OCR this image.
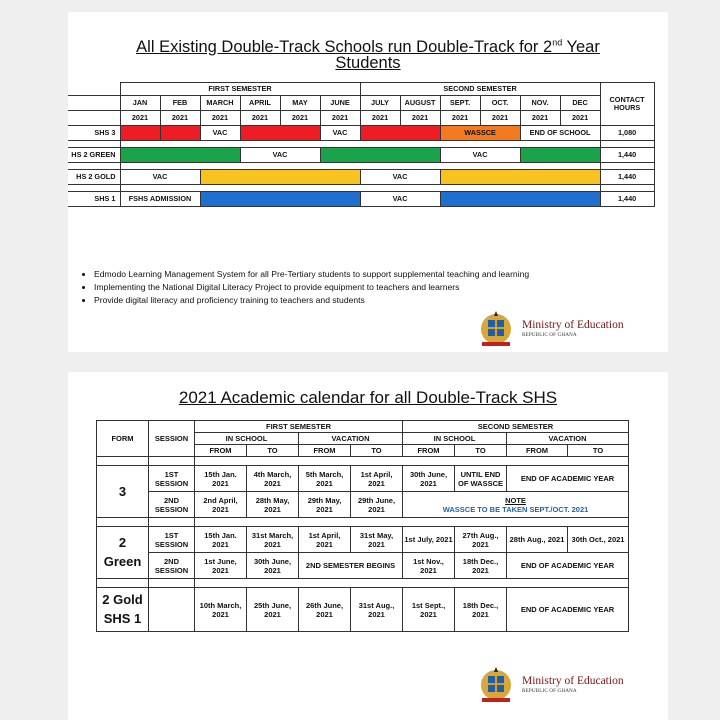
All Existing Double-Track Schools run Double-Track for 2nd Year
Students
	FIRST SEMESTER						SECOND SEMESTER						CONTACT HOURS
	JAN	FEB	MARCH	APRIL	MAY	JUNE	JULY	AUGUST	SEPT.	OCT.	NOV.	DEC	
	2021	2021	2021	2021	2021	2021	2021	2021	2021	2021	2021	2021	
SHS 3			VAC			VAC			WASSCE		END OF SCHOOL		1,080

HS 2 GREEN				VAC					VAC				1,440

HS 2 GOLD	VAC						VAC						1,440

SHS 1	FSHS ADMISSION						VAC						1,440
• Edmodo Learning Management System for all Pre-Tertiary students to support supplemental teaching and learning
• Implementing the National Digital Literacy Project to provide equipment to teachers and learners
• Provide digital literacy and proficiency training to teachers and students
Ministry of Education
REPUBLIC OF GHANA
2021 Academic calendar for all Double-Track SHS
FORM	SESSION	FIRST SEMESTER				SECOND SEMESTER			
		IN SCHOOL		VACATION		IN SCHOOL		VACATION	
		FROM	TO	FROM	TO	FROM	TO	FROM	TO

3	1ST SESSION	15th Jan. 2021	4th March, 2021	5th March, 2021	1st April, 2021	30th June, 2021	UNTIL END OF WASSCE	END OF ACADEMIC YEAR	
	2ND SESSION	2nd April, 2021	28th May, 2021	29th May, 2021	29th June, 2021	NOTE
WASSCE TO BE TAKEN SEPT./OCT. 2021			

2
Green	1ST SESSION	15th Jan. 2021	31st March, 2021	1st April, 2021	31st May, 2021	1st July, 2021	27th Aug., 2021	28th Aug., 2021	30th Oct., 2021
	2ND SESSION	1st June, 2021	30th June, 2021	2ND SEMESTER BEGINS		1st Nov., 2021	18th Dec., 2021	END OF ACADEMIC YEAR	

2 Gold
SHS 1		10th March, 2021	25th June, 2021	26th June, 2021	31st Aug., 2021	1st Sept., 2021	18th Dec., 2021	END OF ACADEMIC YEAR	
Ministry of Education
REPUBLIC OF GHANA
